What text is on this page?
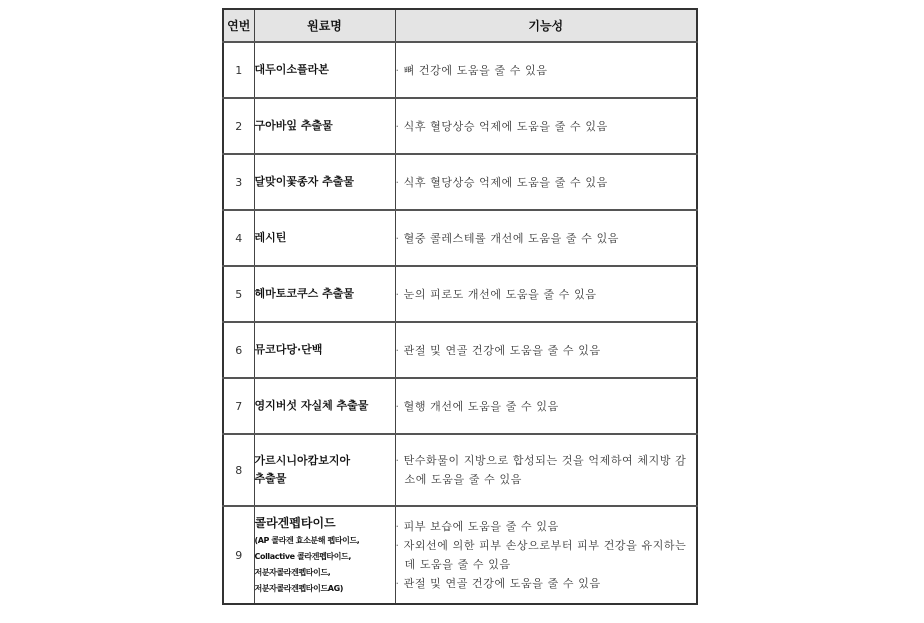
연번	원료명	기능성
1	대두이소플라본	· 뼈 건강에 도움을 줄 수 있음

2	구아바잎 추출물	· 식후 혈당상승 억제에 도움을 줄 수 있음

3	달맞이꽃종자 추출물	· 식후 혈당상승 억제에 도움을 줄 수 있음

4	레시틴	· 혈중 콜레스테롤 개선에 도움을 줄 수 있음

5	헤마토코쿠스 추출물	· 눈의 피로도 개선에 도움을 줄 수 있음

6	뮤코다당·단백	· 관절 및 연골 건강에 도움을 줄 수 있음

7	영지버섯 자실체 추출물	· 혈행 개선에 도움을 줄 수 있음

8	가르시니아캄보지아
추출물	· 탄수화물이 지방으로 합성되는 것을 억제하여 체지방 감소에 도움을 줄 수 있음

9	콜라겐펩타이드
(AP 콜라겐 효소분해 펩타이드,
Collactive 콜라겐펩타이드,
저분자콜라겐펩타이드,
저분자콜라겐펩타이드AG)	· 피부 보습에 도움을 줄 수 있음
· 자외선에 의한 피부 손상으로부터 피부 건강을 유지하는데 도움을 줄 수 있음
· 관절 및 연골 건강에 도움을 줄 수 있음
